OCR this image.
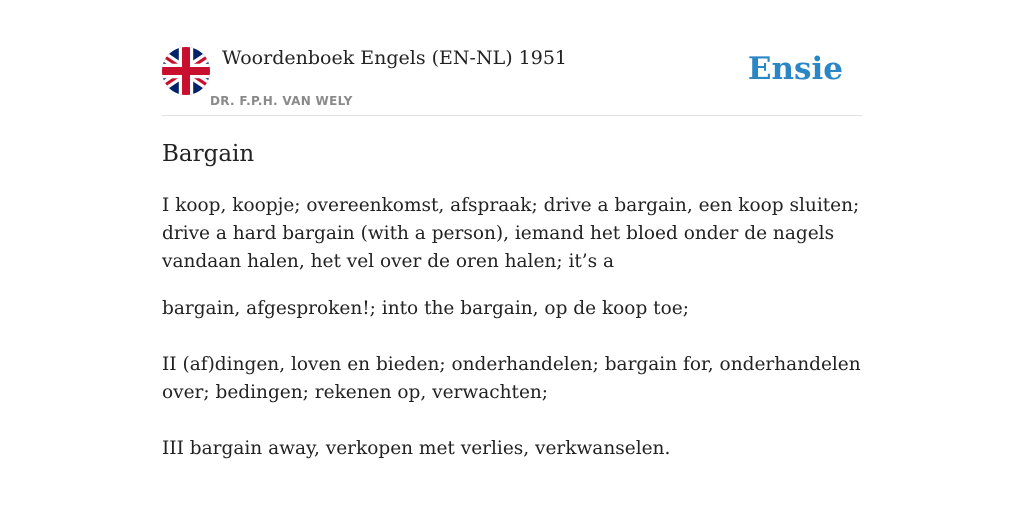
Woordenboek Engels (EN-NL) 1951
DR. F.P.H. VAN WELY
Ensie
Bargain

I koop, koopje; overeenkomst, afspraak; drive a bargain, een koop sluiten; drive a hard bargain (with a person), iemand het bloed onder de nagels vandaan halen, het vel over de oren halen; it’s a

bargain, afgesproken!; into the bargain, op de koop toe;

II (af)dingen, loven en bieden; onderhandelen; bargain for, onderhandelen over; bedingen; rekenen op, verwachten;

III bargain away, verkopen met verlies, verkwanselen.
